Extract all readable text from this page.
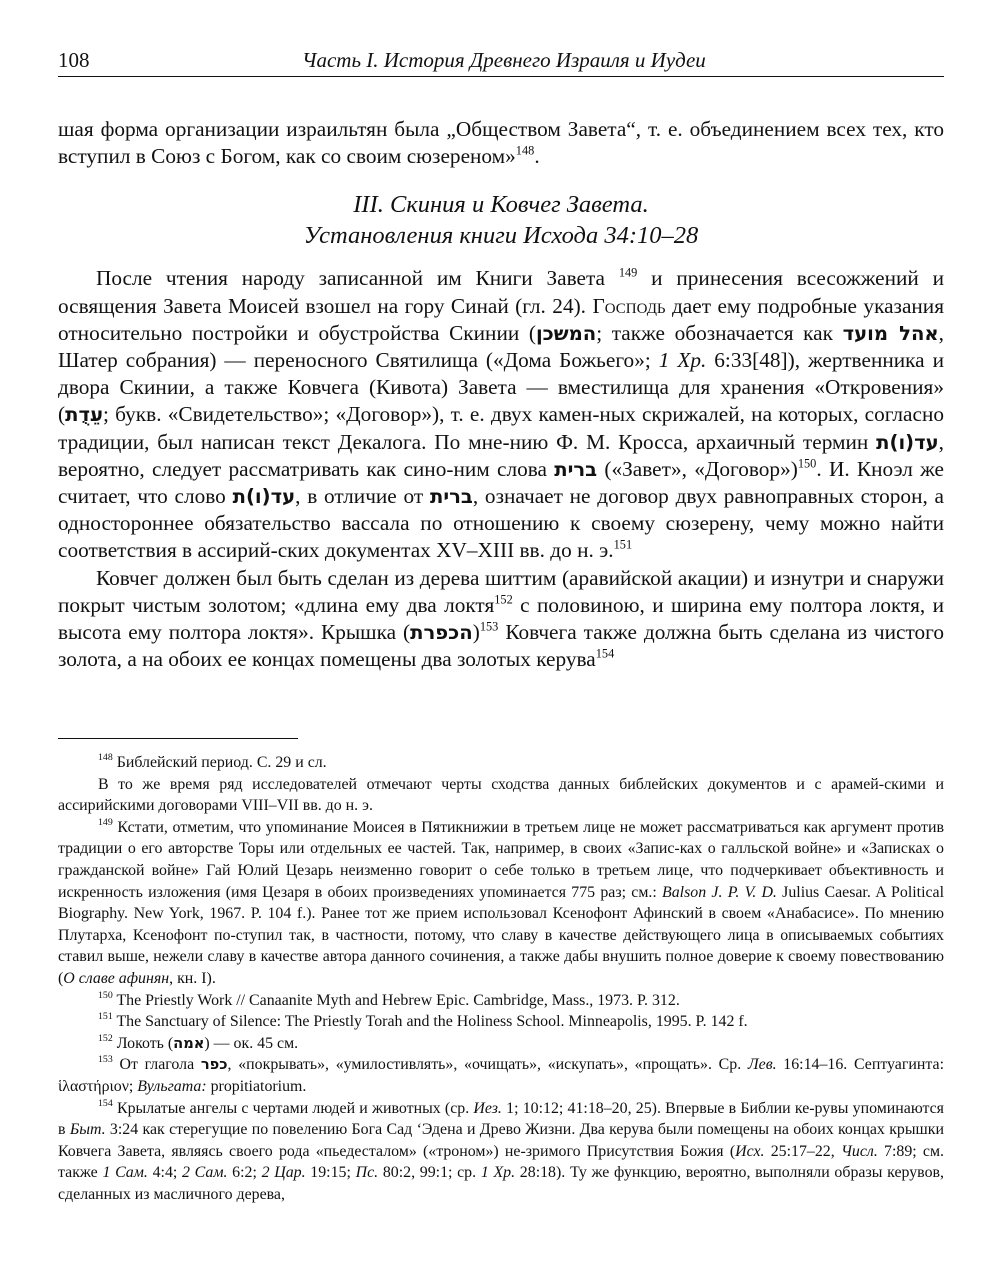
108	Часть I. История Древнего Израиля и Иудеи

шая форма организации израильтян была „Обществом Завета“, т. е. объединением всех тех, кто вступил в Союз с Богом, как со своим сюзереном»$^{148}$.

III. Скиния и Ковчег Завета.
Установления книги Исхода 34:10–28

После чтения народу записанной им Книги Завета $^{149}$ и принесения всесожжений и освящения Завета Моисей взошел на гору Синай (гл. 24). Господь дает ему подробные указания относительно постройки и обустройства Скинии (המשכן; также обозначается как אהל מועד, Шатер собрания) — переносного Святилища («Дома Божьего»; 1 Хр. 6:33[48]), жертвенника и двора Скинии, а также Ковчега (Кивота) Завета — вместилища для хранения «Откровения» (עֵדֻת; букв. «Свидетельство»; «Договор»), т. е. двух камен-ных скрижалей, на которых, согласно традиции, был написан текст Декалога. По мне-нию Ф. М. Кросса, архаичный термин עד(ו)ת, вероятно, следует рассматривать как сино-ним слова ברית («Завет», «Договор»)$^{150}$. И. Кноэл же считает, что слово עד(ו)ת, в отличие от ברית, означает не договор двух равноправных сторон, а одностороннее обязательство вассала по отношению к своему сюзерену, чему можно найти соответствия в ассирий-ских документах XV–XIII вв. до н. э.$^{151}$

Ковчег должен был быть сделан из дерева шиттим (аравийской акации) и изнутри и снаружи покрыт чистым золотом; «длина ему два локтя$^{152}$ с половиною, и ширина ему полтора локтя, и высота ему полтора локтя». Крышка (הכפרת)$^{153}$ Ковчега также должна быть сделана из чистого золота, а на обоих ее концах помещены два золотых керува$^{154}$

$^{148}$ Библейский период. С. 29 и сл.

В то же время ряд исследователей отмечают черты сходства данных библейских документов и с арамей-скими и ассирийскими договорами VIII–VII вв. до н. э.

$^{149}$ Кстати, отметим, что упоминание Моисея в Пятикнижии в третьем лице не может рассматриваться как аргумент против традиции о его авторстве Торы или отдельных ее частей. Так, например, в своих «Запис-ках о галльской войне» и «Записках о гражданской войне» Гай Юлий Цезарь неизменно говорит о себе только в третьем лице, что подчеркивает объективность и искренность изложения (имя Цезаря в обоих произведениях упоминается 775 раз; см.: Balson J. P. V. D. Julius Caesar. A Political Biography. New York, 1967. P. 104 f.). Ранее тот же прием использовал Ксенофонт Афинский в своем «Анабасисе». По мнению Плутарха, Ксенофонт по-ступил так, в частности, потому, что славу в качестве действующего лица в описываемых событиях ставил выше, нежели славу в качестве автора данного сочинения, а также дабы внушить полное доверие к своему повествованию (О славе афинян, кн. I).

$^{150}$ The Priestly Work // Canaanite Myth and Hebrew Epic. Cambridge, Mass., 1973. P. 312.

$^{151}$ The Sanctuary of Silence: The Priestly Torah and the Holiness School. Minneapolis, 1995. P. 142 f.

$^{152}$ Локоть (אמה) — ок. 45 см.

$^{153}$ От глагола כפר, «покрывать», «умилостивлять», «очищать», «искупать», «прощать». Ср. Лев. 16:14–16. Септуагинта: ἱλαστήριον; Вульгата: propitiatorium.

$^{154}$ Крылатые ангелы с чертами людей и животных (ср. Иез. 1; 10:12; 41:18–20, 25). Впервые в Библии ке-рувы упоминаются в Быт. 3:24 как стерегущие по повелению Бога Сад ‘Эдена и Древо Жизни. Два керува были помещены на обоих концах крышки Ковчега Завета, являясь своего рода «пьедесталом» («троном») не-зримого Присутствия Божия (Исх. 25:17–22, Числ. 7:89; см. также 1 Сам. 4:4; 2 Сам. 6:2; 2 Цар. 19:15; Пс. 80:2, 99:1; ср. 1 Хр. 28:18). Ту же функцию, вероятно, выполняли образы керувов, сделанных из масличного дерева,
